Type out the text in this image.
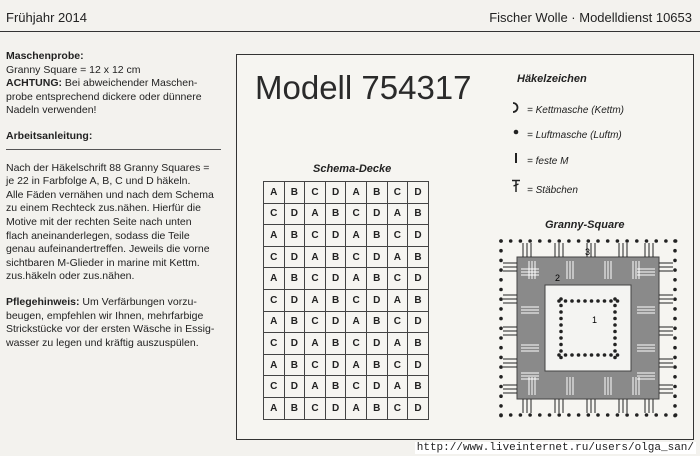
Frühjahr 2014	Fischer Wolle · Modelldienst 10653

Maschenprobe:

Granny Square = 12 x 12 cm

ACHTUNG: Bei abweichender Maschen-

probe entsprechend dickere oder dünnere

Nadeln verwenden!

Arbeitsanleitung:

Nach der Häkelschrift 88 Granny Squares =

je 22 in Farbfolge A, B, C und D häkeln.

Alle Fäden vernähen und nach dem Schema

zu einem Rechteck zus.nähen. Hierfür die

Motive mit der rechten Seite nach unten

flach aneinanderlegen, sodass die Teile

genau aufeinandertreffen. Jeweils die vorne

sichtbaren M-Glieder in marine mit Kettm.

zus.häkeln oder zus.nähen.

Pflegehinweis: Um Verfärbungen vorzu-

beugen, empfehlen wir Ihnen, mehrfarbige

Strickstücke vor der ersten Wäsche in Essig-

wasser zu legen und kräftig auszuspülen.

Modell 754317	Häkelzeichen
= Kettmasche (Kettm)
= Luftmasche (Luftm)
= feste M
= Stäbchen
Schema-Decke
A	B	C	D	A	B	C	D
C	D	A	B	C	D	A	B
A	B	C	D	A	B	C	D
C	D	A	B	C	D	A	B
A	B	C	D	A	B	C	D
C	D	A	B	C	D	A	B
A	B	C	D	A	B	C	D
C	D	A	B	C	D	A	B
A	B	C	D	A	B	C	D
C	D	A	B	C	D	A	B
A	B	C	D	A	B	C	D
Granny-Square
1
2
3
http://www.liveinternet.ru/users/olga_san/
